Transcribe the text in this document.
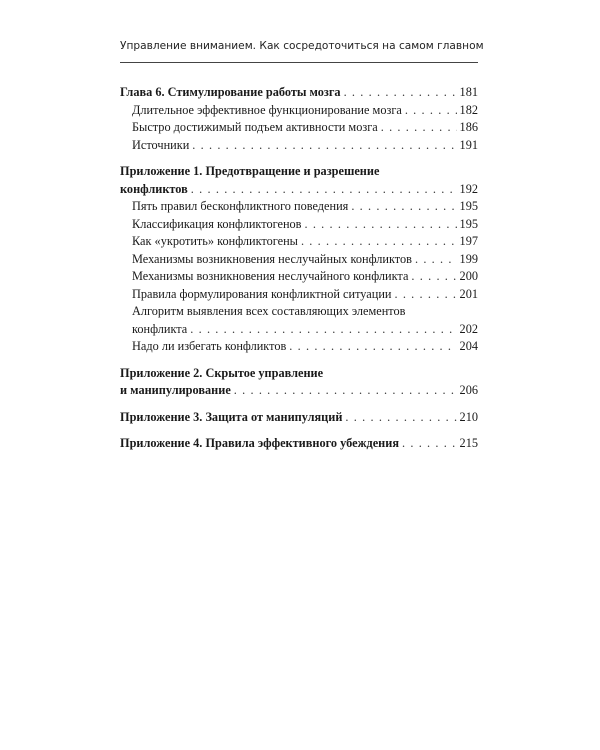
Управление вниманием. Как сосредоточиться на самом главном
Глава 6. Стимулирование работы мозга . . .	181
Длительное эффективное функционирование мозга . . .	182
Быстро достижимый подъем активности мозга . . .	186
Источники . . .	191
Приложение 1. Предотвращение и разрешение
конфликтов . . .	192
Пять правил бесконфликтного поведения . . .	195
Классификация конфликтогенов . . .	195
Как «укротить» конфликтогены . . .	197
Механизмы возникновения неслучайных конфликтов . . .	199
Механизмы возникновения неслучайного конфликта . . .	200
Правила формулирования конфликтной ситуации . . .	201
Алгоритм выявления всех составляющих элементов
конфликта . . .	202
Надо ли избегать конфликтов . . .	204
Приложение 2. Скрытое управление
и манипулирование . . .	206
Приложение 3. Защита от манипуляций . . .	210
Приложение 4. Правила эффективного убеждения . . .	215
